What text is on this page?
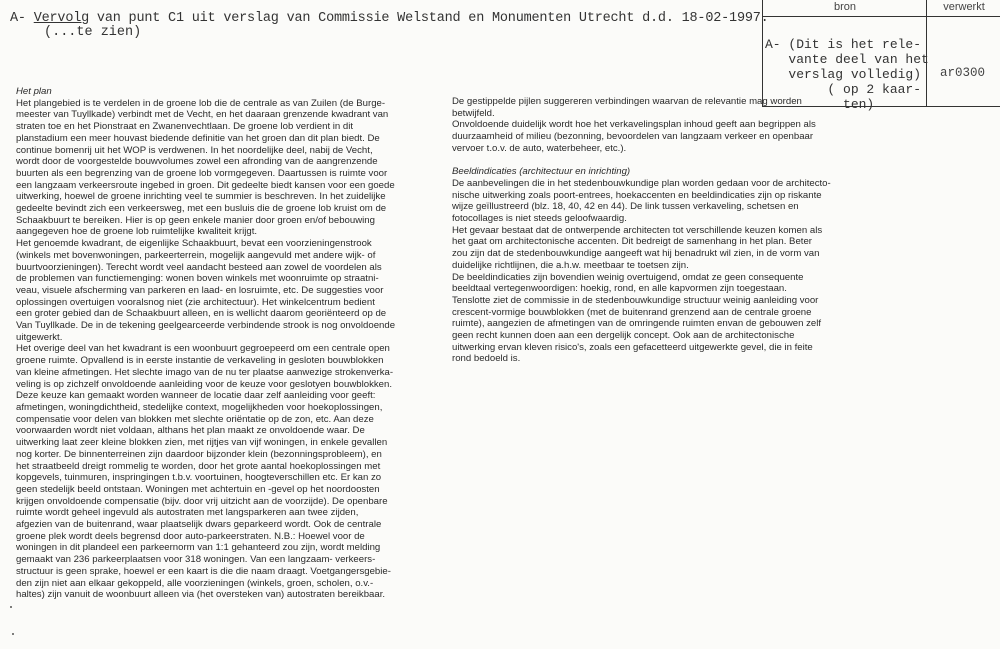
A- Vervolg van punt C1 uit verslag van Commissie Welstand en Monumenten Utrecht d.d. 18-02-1997.
(...te zien)
bron	verwerkt
A- (Dit is het rele-
vante deel van het
verslag volledig)
( op 2 kaar-
ten)
ar0300

Het plan

Het plangebied is te verdelen in de groene lob die de centrale as van Zuilen (de Burge-

meester van Tuyllkade) verbindt met de Vecht, en het daaraan grenzende kwadrant van

straten toe en het Pionstraat en Zwanenvechtlaan. De groene lob verdient in dit

planstadium een meer houvast biedende definitie van het groen dan dit plan biedt. De

continue bomenrij uit het WOP is verdwenen. In het noordelijke deel, nabij de Vecht,

wordt door de voorgestelde bouwvolumes zowel een afronding van de aangrenzende

buurten als een begrenzing van de groene lob vormgegeven. Daartussen is ruimte voor

een langzaam verkeersroute ingebed in groen. Dit gedeelte biedt kansen voor een goede

uitwerking, hoewel de groene inrichting veel te summier is beschreven. In het zuidelijke

gedeelte bevindt zich een verkeersweg, met een busluis die de groene lob kruist om de

Schaakbuurt te bereiken. Hier is op geen enkele manier door groen en/of bebouwing

aangegeven hoe de groene lob ruimtelijke kwaliteit krijgt.

Het genoemde kwadrant, de eigenlijke Schaakbuurt, bevat een voorzieningenstrook

(winkels met bovenwoningen, parkeerterrein, mogelijk aangevuld met andere wijk- of

buurtvoorzieningen). Terecht wordt veel aandacht besteed aan zowel de voordelen als

de problemen van functiemenging: wonen boven winkels met woonruimte op straatni-

veau, visuele afscherming van parkeren en laad- en losruimte, etc. De suggesties voor

oplossingen overtuigen vooralsnog niet (zie architectuur). Het winkelcentrum bedient

een groter gebied dan de Schaakbuurt alleen, en is wellicht daarom georiënteerd op de

Van Tuyllkade. De in de tekening geelgearceerde verbindende strook is nog onvoldoende

uitgewerkt.

Het overige deel van het kwadrant is een woonbuurt gegroepeerd om een centrale open

groene ruimte. Opvallend is in eerste instantie de verkaveling in gesloten bouwblokken

van kleine afmetingen. Het slechte imago van de nu ter plaatse aanwezige strokenverka-

veling is op zichzelf onvoldoende aanleiding voor de keuze voor geslotyen bouwblokken.

Deze keuze kan gemaakt worden wanneer de locatie daar zelf aanleiding voor geeft:

afmetingen, woningdichtheid, stedelijke context, mogelijkheden voor hoekoplossingen,

compensatie voor delen van blokken met slechte oriëntatie op de zon, etc. Aan deze

voorwaarden wordt niet voldaan, althans het plan maakt ze onvoldoende waar. De

uitwerking laat zeer kleine blokken zien, met rijtjes van vijf woningen, in enkele gevallen

nog korter. De binnenterreinen zijn daardoor bijzonder klein (bezonningsprobleem), en

het straatbeeld dreigt rommelig te worden, door het grote aantal hoekoplossingen met

kopgevels, tuinmuren, inspringingen t.b.v. voortuinen, hoogteverschillen etc. Er kan zo

geen stedelijk beeld ontstaan. Woningen met achtertuin en -gevel op het noordoosten

krijgen onvoldoende compensatie (bijv. door vrij uitzicht aan de voorzijde). De openbare

ruimte wordt geheel ingevuld als autostraten met langsparkeren aan twee zijden,

afgezien van de buitenrand, waar plaatselijk dwars geparkeerd wordt. Ook de centrale

groene plek wordt deels begrensd door auto-parkeerstraten. N.B.: Hoewel voor de

woningen in dit plandeel een parkeernorm van 1:1 gehanteerd zou zijn, wordt melding

gemaakt van 236 parkeerplaatsen voor 318 woningen. Van een langzaam- verkeers-

structuur is geen sprake, hoewel er een kaart is die die naam draagt. Voetgangersgebie-

den zijn niet aan elkaar gekoppeld, alle voorzieningen (winkels, groen, scholen, o.v.-

haltes) zijn vanuit de woonbuurt alleen via (het oversteken van) autostraten bereikbaar.

De gestippelde pijlen suggereren verbindingen waarvan de relevantie mag worden

betwijfeld.

Onvoldoende duidelijk wordt hoe het verkavelingsplan inhoud geeft aan begrippen als

duurzaamheid of milieu (bezonning, bevoordelen van langzaam verkeer en openbaar

vervoer t.o.v. de auto, waterbeheer, etc.).

Beeldindicaties (architectuur en inrichting)

De aanbevelingen die in het stedenbouwkundige plan worden gedaan voor de architecto-

nische uitwerking zoals poort-entrees, hoekaccenten en beeldindicaties zijn op riskante

wijze geïllustreerd (blz. 18, 40, 42 en 44). De link tussen verkaveling, schetsen en

fotocollages is niet steeds geloofwaardig.

Het gevaar bestaat dat de ontwerpende architecten tot verschillende keuzen komen als

het gaat om architectonische accenten. Dit bedreigt de samenhang in het plan. Beter

zou zijn dat de stedenbouwkundige aangeeft wat hij benadrukt wil zien, in de vorm van

duidelijke richtlijnen, die a.h.w. meetbaar te toetsen zijn.

De beeldindicaties zijn bovendien weinig overtuigend, omdat ze geen consequente

beeldtaal vertegenwoordigen: hoekig, rond, en alle kapvormen zijn toegestaan.

Tenslotte ziet de commissie in de stedenbouwkundige structuur weinig aanleiding voor

crescent-vormige bouwblokken (met de buitenrand grenzend aan de centrale groene

ruimte), aangezien de afmetingen van de omringende ruimten envan de gebouwen zelf

geen recht kunnen doen aan een dergelijk concept. Ook aan de architectonische

uitwerking ervan kleven risico's, zoals een gefacetteerd uitgewerkte gevel, die in feite

rond bedoeld is.
